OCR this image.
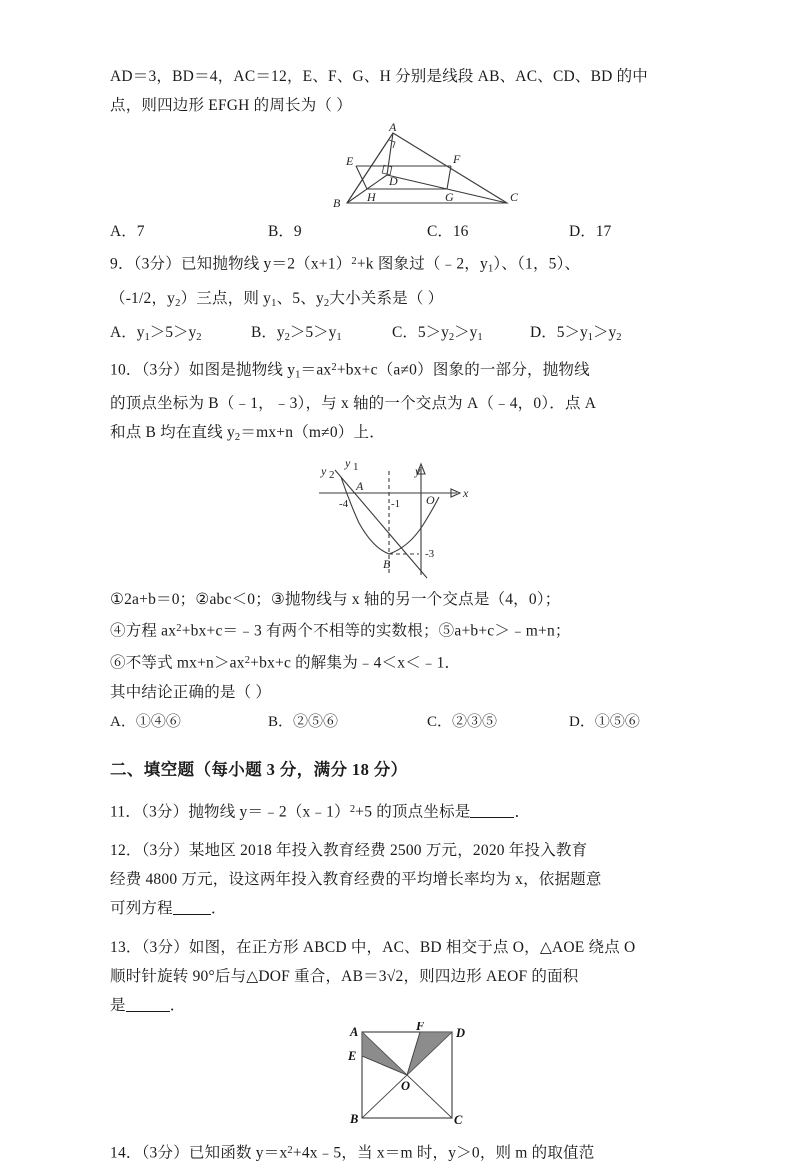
AD＝3，BD＝4，AC＝12，E、F、G、H 分别是线段 AB、AC、CD、BD 的中
点，则四边形 EFGH 的周长为（ ）
A
E	F
D
B H	G	C
A．7	B．9	C．16	D．17
9．（3分）已知抛物线 $y=2(x+1)^2+k$ 图象过（﹣2，$y_1$）、（1，5）、
（-1/2，$y_2$）三点，则 $y_1$、5、$y_2$大小关系是（ ）
A．$y_1>5>y_2$	B．$y_2>5>y_1$	C．$5>y_2>y_1$	D．$5>y_1>y_2$
10．（3分）如图是抛物线 $y_1=ax^2+bx+c(a\ne 0)$图象的一部分，抛物线
的顶点坐标为 B（﹣1，﹣3），与 x 轴的一个交点为 A（﹣4，0）．点 A
和点 B 均在直线 $y_2=mx+n(m\ne 0)$上．
y 2
y 1	y
x
A
B
O
-4	-1
-3
①2a+b＝0；②abc＜0；③抛物线与 x 轴的另一个交点是（4，0）；
④方程 $ax^2+bx+c=﹣3$ 有两个不相等的实数根；⑤a+b+c＞﹣m+n；
⑥不等式 $mx+n>ax^2+bx+c$ 的解集为﹣4＜x＜﹣1．
其中结论正确的是（ ）
A．①④⑥	B．②⑤⑥	C．②③⑤	D．①⑤⑥
二、填空题（每小题 3 分，满分 18 分）
11．（3分）抛物线 y＝﹣2（x﹣1）$^2$+5 的顶点坐标是	．
12．（3分）某地区 2018 年投入教育经费 2500 万元，2020 年投入教育
经费 4800 万元，设这两年投入教育经费的平均增长率均为 x，依据题意
可列方程 ．
13．（3分）如图，在正方形 ABCD 中，AC、BD 相交于点 O，△AOE 绕点 O
顺时针旋转 90°后与△DOF 重合，AB＝3√2，则四边形 AEOF 的面积
是	．
A
E
F	D
O
B	C
14．（3分）已知函数 $y=x^2+4x﹣5$，当 x＝m 时，y＞0，则 m 的取值范
